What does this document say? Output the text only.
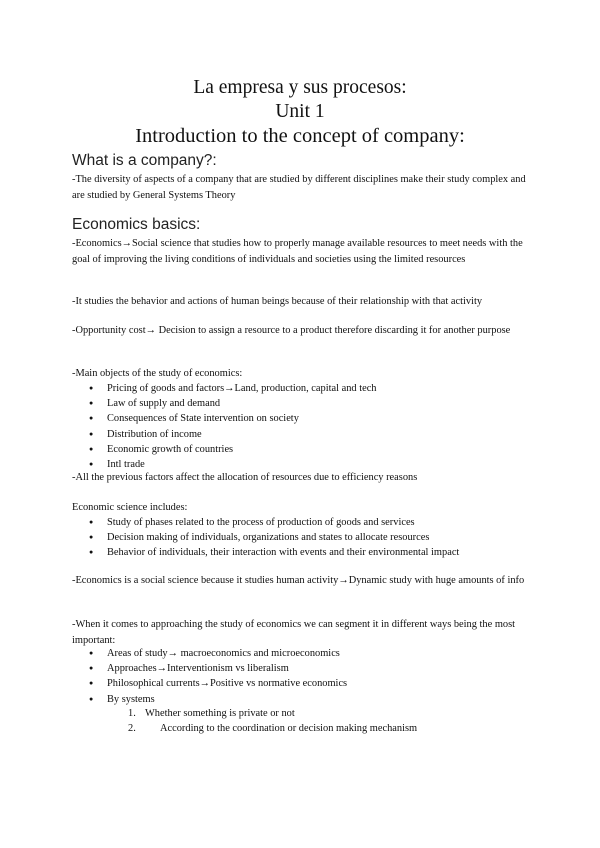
La empresa y sus procesos:
Unit 1
Introduction to the concept of company:
What is a company?:
-The diversity of aspects of a company that are studied by different disciplines make their study complex and are studied by General Systems Theory
Economics basics:
-Economics→Social science that studies how to properly manage available resources to meet needs with the goal of improving the living conditions of individuals and societies using the limited resources
-It studies the behavior and actions of human beings because of their relationship with that activity
-Opportunity cost→ Decision to assign a resource to a product therefore discarding it for another purpose
-Main objects of the study of economics:
● Pricing of goods and factors→Land, production, capital and tech
● Law of supply and demand
● Consequences of State intervention on society
● Distribution of income
● Economic growth of countries
● Intl trade
-All the previous factors affect the allocation of resources due to efficiency reasons
Economic science includes:
● Study of phases related to the process of production of goods and services
● Decision making of individuals, organizations and states to allocate resources
● Behavior of individuals, their interaction with events and their environmental impact
-Economics is a social science because it studies human activity→Dynamic study with huge amounts of info
-When it comes to approaching the study of economics we can segment it in different ways being the most important:
● Areas of study→ macroeconomics and microeconomics
● Approaches→Interventionism vs liberalism
● Philosophical currents→Positive vs normative economics
● By systems
1. Whether something is private or not
2. According to the coordination or decision making mechanism
